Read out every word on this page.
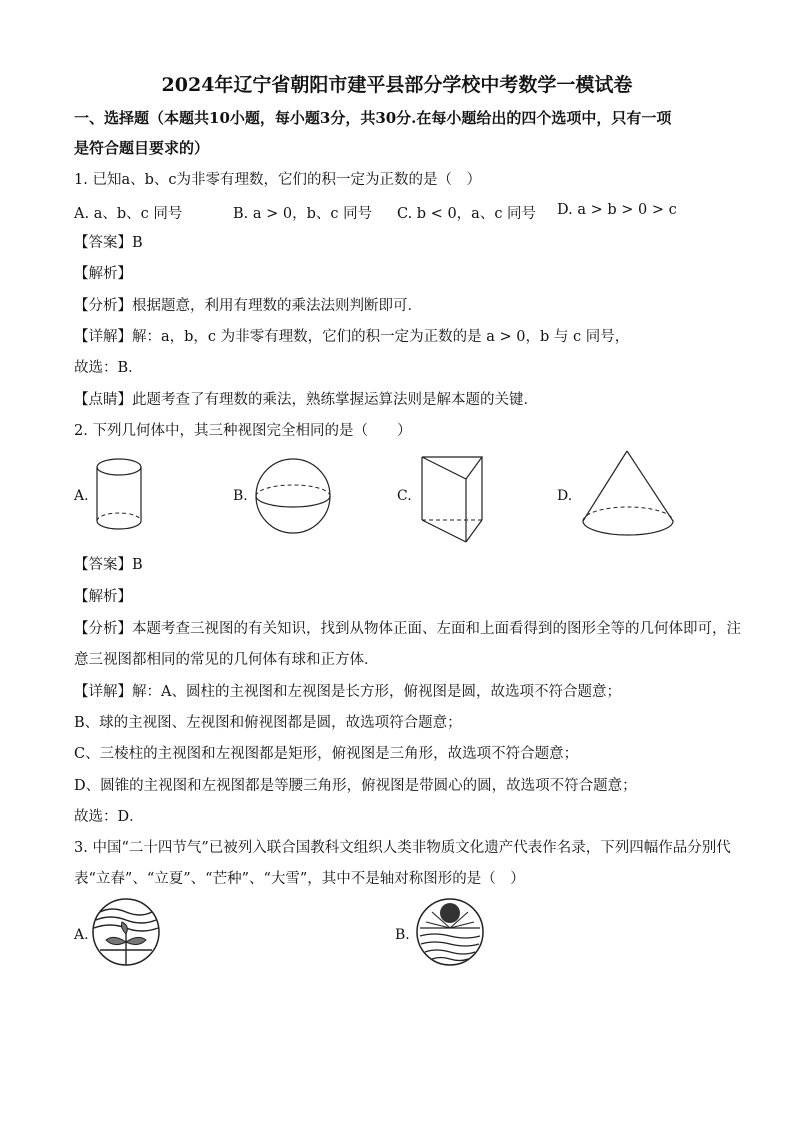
2024年辽宁省朝阳市建平县部分学校中考数学一模试卷
一、选择题（本题共10小题，每小题3分，共30分.在每小题给出的四个选项中，只有一项
是符合题目要求的）
1. 已知a、b、c为非零有理数，它们的积一定为正数的是（　）
A. a、b、c 同号	B. a > 0，b、c 同号 C. b < 0，a、c 同号 D. a > b > 0 > c
【答案】B
【解析】
【分析】根据题意，利用有理数的乘法法则判断即可．
【详解】解：a，b，c 为非零有理数，它们的积一定为正数的是 a > 0，b 与 c 同号，
故选：B．
【点睛】此题考查了有理数的乘法，熟练掌握运算法则是解本题的关键．
2. 下列几何体中，其三种视图完全相同的是（　　）
A.	B.	C.	D.
【答案】B
【解析】
【分析】本题考查三视图的有关知识，找到从物体正面、左面和上面看得到的图形全等的几何体即可，注
意三视图都相同的常见的几何体有球和正方体．
【详解】解：A、圆柱的主视图和左视图是长方形，俯视图是圆，故选项不符合题意；
B、球的主视图、左视图和俯视图都是圆，故选项符合题意；
C、三棱柱的主视图和左视图都是矩形，俯视图是三角形，故选项不符合题意；
D、圆锥的主视图和左视图都是等腰三角形，俯视图是带圆心的圆，故选项不符合题意；
故选：D．
3. 中国“二十四节气”已被列入联合国教科文组织人类非物质文化遗产代表作名录，下列四幅作品分别代
表“立春”、“立夏”、“芒种”、“大雪”，其中不是轴对称图形的是（　）
A.	B.
